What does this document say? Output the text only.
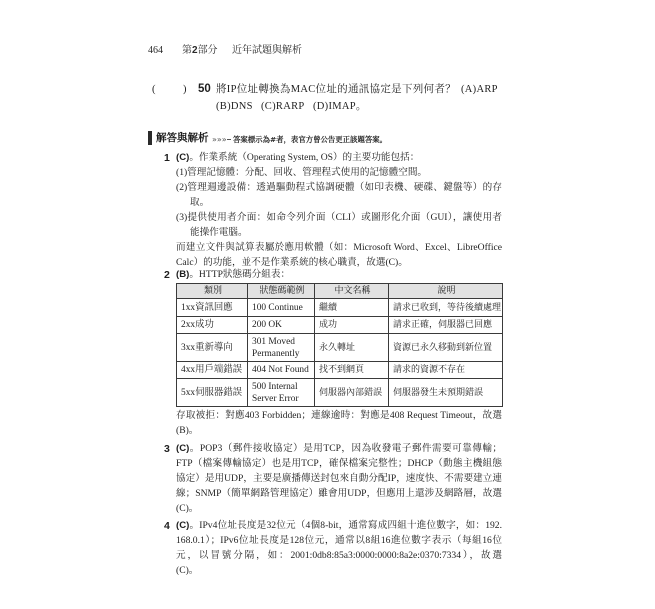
464 第2部分 近年試題與解析
(	) 50 將IP位址轉換為MAC位址的通訊協定是下列何者？ (A)ARP
(B)DNS (C)RARP (D)IMAP。
解答與解析 »»» 答案標示為#者，表官方曾公告更正該題答案。
1 (C)。作業系統（Operating System, OS）的主要功能包括：
(1)管理記憶體：分配、回收、管理程式使用的記憶體空間。
(2)管理週邊設備：透過驅動程式協調硬體（如印表機、硬碟、鍵盤等）的存
取。
(3)提供使用者介面：如命令列介面（CLI）或圖形化介面（GUI），讓使用者
能操作電腦。
而建立文件與試算表屬於應用軟體（如：Microsoft Word、Excel、LibreOffice
Calc）的功能，並不是作業系統的核心職責，故選(C)。
2 (B)。HTTP狀態碼分組表：
類別	狀態碼範例	中文名稱	說明
1xx資訊回應	100 Continue	繼續	請求已收到，等待後續處理
2xx成功	200 OK	成功	請求正確，伺服器已回應
3xx重新導向	301 Moved
Permanently	永久轉址	資源已永久移動到新位置
4xx用戶端錯誤	404 Not Found	找不到網頁	請求的資源不存在
5xx伺服器錯誤	500 Internal
Server Error	伺服器內部錯誤	伺服器發生未預期錯誤
存取被拒：對應403 Forbidden；連線逾時：對應是408 Request Timeout，故選
(B)。
3 (C)。POP3（郵件接收協定）是用TCP，因為收發電子郵件需要可靠傳輸；
FTP（檔案傳輸協定）也是用TCP，確保檔案完整性；DHCP（動態主機組態
協定）是用UDP，主要是廣播傳送封包來自動分配IP，速度快、不需要建立連
線；SNMP（簡單網路管理協定）雖會用UDP，但應用上還涉及網路層，故選
(C)。
4 (C)。IPv4位址長度是32位元（4個8-bit，通常寫成四組十進位數字，如：192.
168.0.1）；IPv6位址長度是128位元，通常以8組16進位數字表示（每組16位
元，以冒號分隔，如：2001:0db8:85a3:0000:0000:8a2e:0370:7334），故選
(C)。
